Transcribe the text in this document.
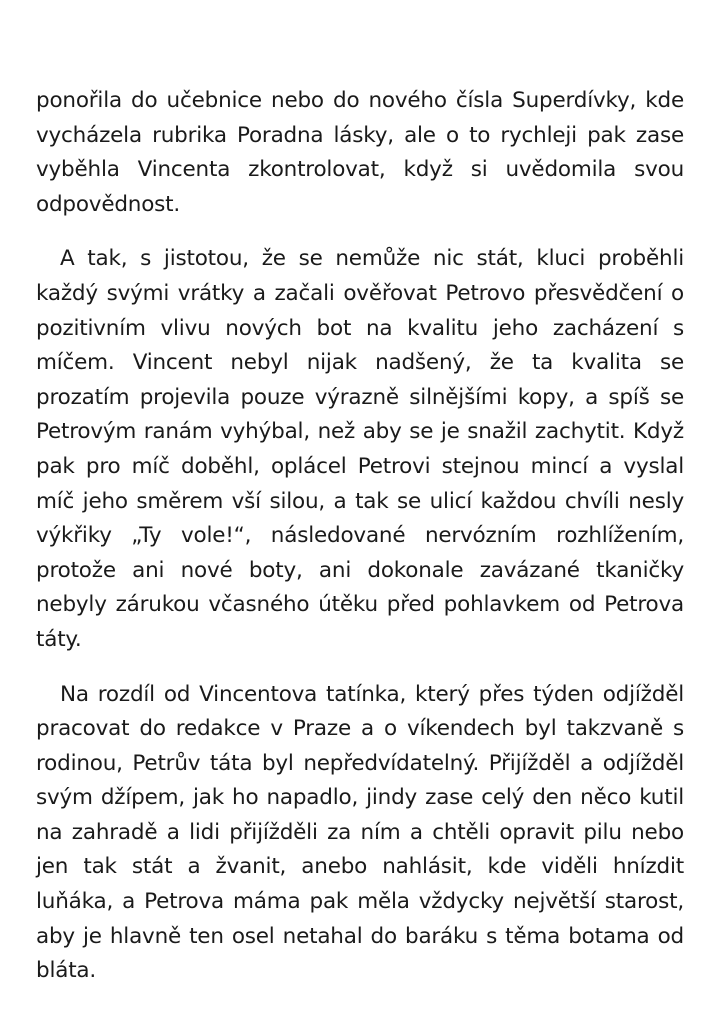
ponořila do učebnice nebo do nového čísla Superdívky, kde vycházela rubrika Poradna lásky, ale o to rychleji pak zase vyběhla Vincenta zkontrolovat, když si uvědomila svou odpovědnost.

A tak, s jistotou, že se nemůže nic stát, kluci proběhli každý svými vrátky a začali ověřovat Petrovo přesvědčení o pozitivním vlivu nových bot na kvalitu jeho zacházení s míčem. Vincent nebyl nijak nadšený, že ta kvalita se prozatím projevila pouze výrazně silnějšími kopy, a spíš se Petrovým ranám vyhýbal, než aby se je snažil zachytit. Když pak pro míč doběhl, oplácel Petrovi stejnou mincí a vyslal míč jeho směrem vší silou, a tak se ulicí každou chvíli nesly výkřiky „Ty vole!“, následované nervózním rozhlížením, protože ani nové boty, ani dokonale zavázané tkaničky nebyly zárukou včasného útěku před pohlavkem od Petrova táty.

Na rozdíl od Vincentova tatínka, který přes týden odjížděl pracovat do redakce v Praze a o víkendech byl takzvaně s rodinou, Petrův táta byl nepředvídatelný. Přijížděl a odjížděl svým džípem, jak ho napadlo, jindy zase celý den něco kutil na zahradě a lidi přijížděli za ním a chtěli opravit pilu nebo jen tak stát a žvanit, anebo nahlásit, kde viděli hnízdit luňáka, a Petrova máma pak měla vždycky největší starost, aby je hlavně ten osel netahal do baráku s těma botama od bláta.
